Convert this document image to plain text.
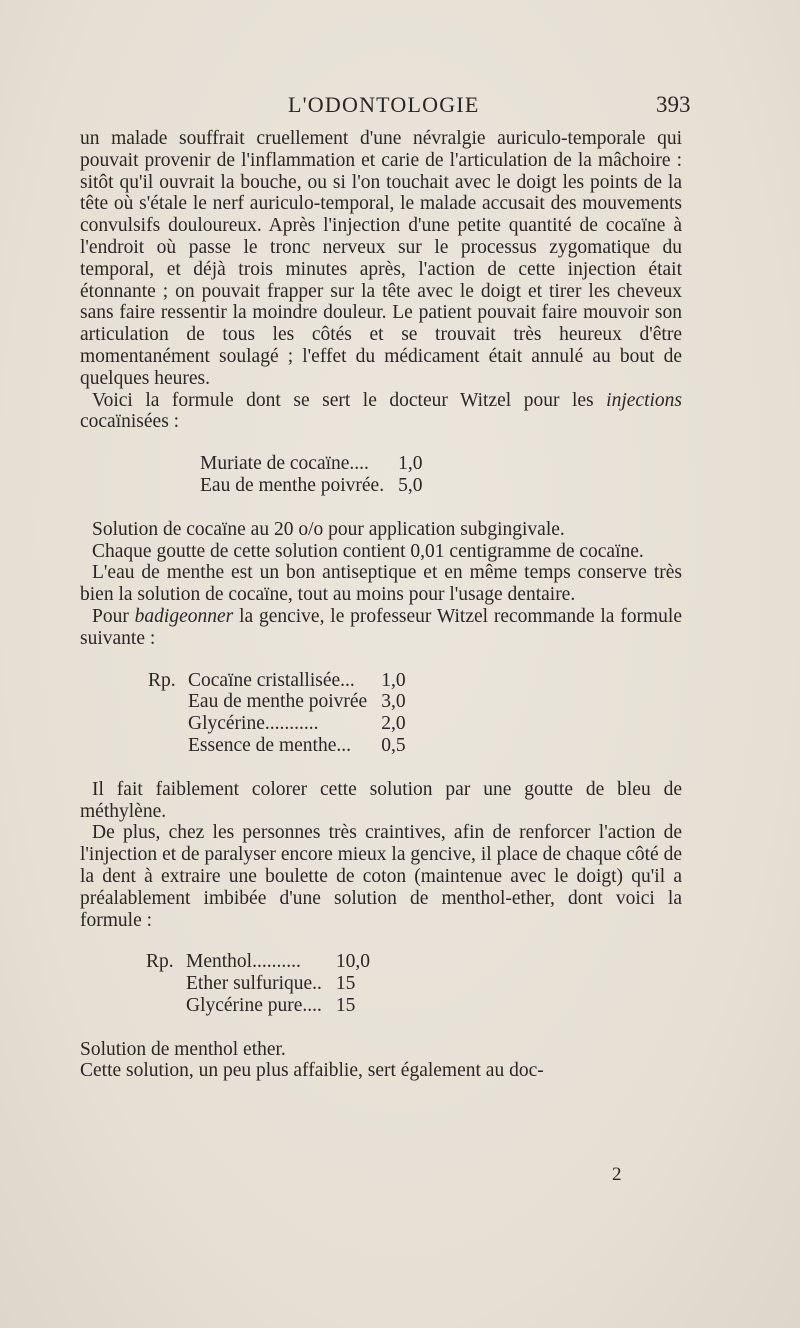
L'ODONTOLOGIE	393

un malade souffrait cruellement d'une névralgie auriculo-temporale qui pouvait provenir de l'inflammation et carie de l'articulation de la mâchoire : sitôt qu'il ouvrait la bouche, ou si l'on touchait avec le doigt les points de la tête où s'étale le nerf auriculo-temporal, le malade accusait des mouvements convulsifs douloureux. Après l'injection d'une petite quantité de cocaïne à l'endroit où passe le tronc nerveux sur le processus zygomatique du temporal, et déjà trois minutes après, l'action de cette injection était étonnante ; on pouvait frapper sur la tête avec le doigt et tirer les cheveux sans faire ressentir la moindre douleur. Le patient pouvait faire mouvoir son articulation de tous les côtés et se trouvait très heureux d'être momentanément soulagé ; l'effet du médicament était annulé au bout de quelques heures.

Voici la formule dont se sert le docteur Witzel pour les injections cocaïnisées :

Muriate de cocaïne....	1,0
Eau de menthe poivrée.	5,0

Solution de cocaïne au 20 o/o pour application subgingivale.

Chaque goutte de cette solution contient 0,01 centigramme de cocaïne.

L'eau de menthe est un bon antiseptique et en même temps conserve très bien la solution de cocaïne, tout au moins pour l'usage dentaire.

Pour badigeonner la gencive, le professeur Witzel recommande la formule suivante :

Rp.	Cocaïne cristallisée...	1,0
	Eau de menthe poivrée	3,0
	Glycérine...........	2,0
	Essence de menthe...	0,5

Il fait faiblement colorer cette solution par une goutte de bleu de méthylène.

De plus, chez les personnes très craintives, afin de renforcer l'action de l'injection et de paralyser encore mieux la gencive, il place de chaque côté de la dent à extraire une boulette de coton (maintenue avec le doigt) qu'il a préalablement imbibée d'une solution de menthol-ether, dont voici la formule :

Rp.	Menthol..........	10,0
	Ether sulfurique..	15
	Glycérine pure....	15

Solution de menthol ether.

Cette solution, un peu plus affaiblie, sert également au doc-

2
